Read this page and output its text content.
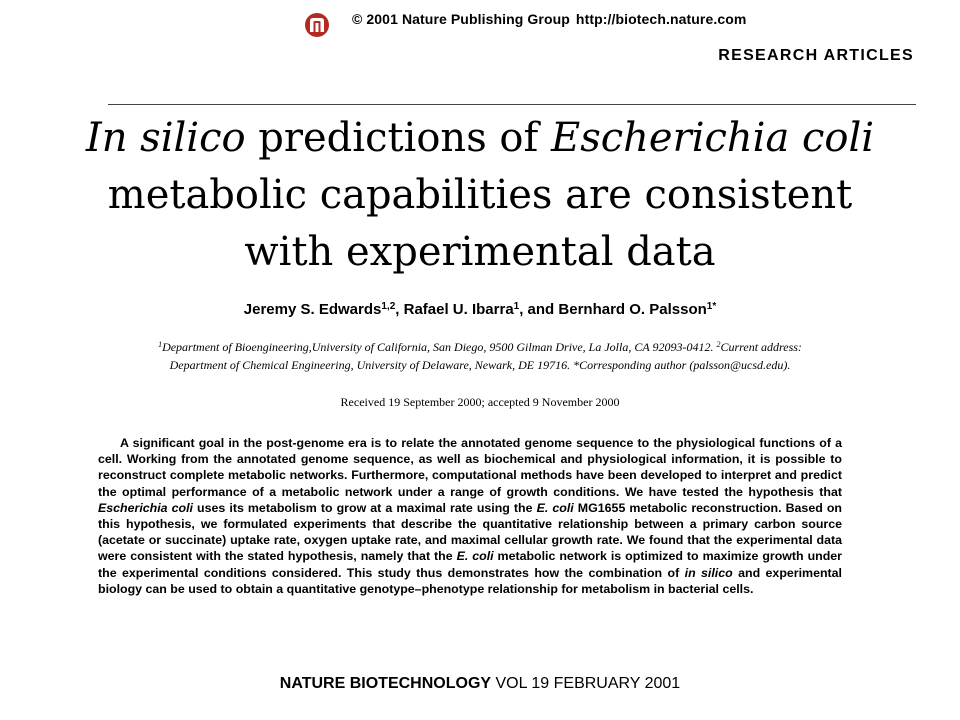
© 2001 Nature Publishing Group http://biotech.nature.com
RESEARCH ARTICLES
In silico predictions of Escherichia coli
metabolic capabilities are consistent
with experimental data
Jeremy S. Edwards$^{1,2}$, Rafael U. Ibarra$^1$, and Bernhard O. Palsson$^{1*}$
$^1$Department of Bioengineering,University of California, San Diego, 9500 Gilman Drive, La Jolla, CA 92093-0412. $^2$Current address:
Department of Chemical Engineering, University of Delaware, Newark, DE 19716. *Corresponding author (palsson@ucsd.edu).
Received 19 September 2000; accepted 9 November 2000
A significant goal in the post-genome era is to relate the annotated genome sequence to the physiological functions of a cell. Working from the annotated genome sequence, as well as biochemical and physiological information, it is possible to reconstruct complete metabolic networks. Furthermore, computational methods have been developed to interpret and predict the optimal performance of a metabolic network under a range of growth conditions. We have tested the hypothesis that Escherichia coli uses its metabolism to grow at a maximal rate using the E. coli MG1655 metabolic reconstruction. Based on this hypothesis, we formulated experiments that describe the quantitative relationship between a primary carbon source (acetate or succinate) uptake rate, oxygen uptake rate, and maximal cellular growth rate. We found that the experimental data were consistent with the stated hypothesis, namely that the E. coli metabolic network is optimized to maximize growth under the experimental conditions considered. This study thus demonstrates how the combination of in silico and experimental biology can be used to obtain a quantitative genotype–phenotype relationship for metabolism in bacterial cells.
NATURE BIOTECHNOLOGY VOL 19 FEBRUARY 2001
